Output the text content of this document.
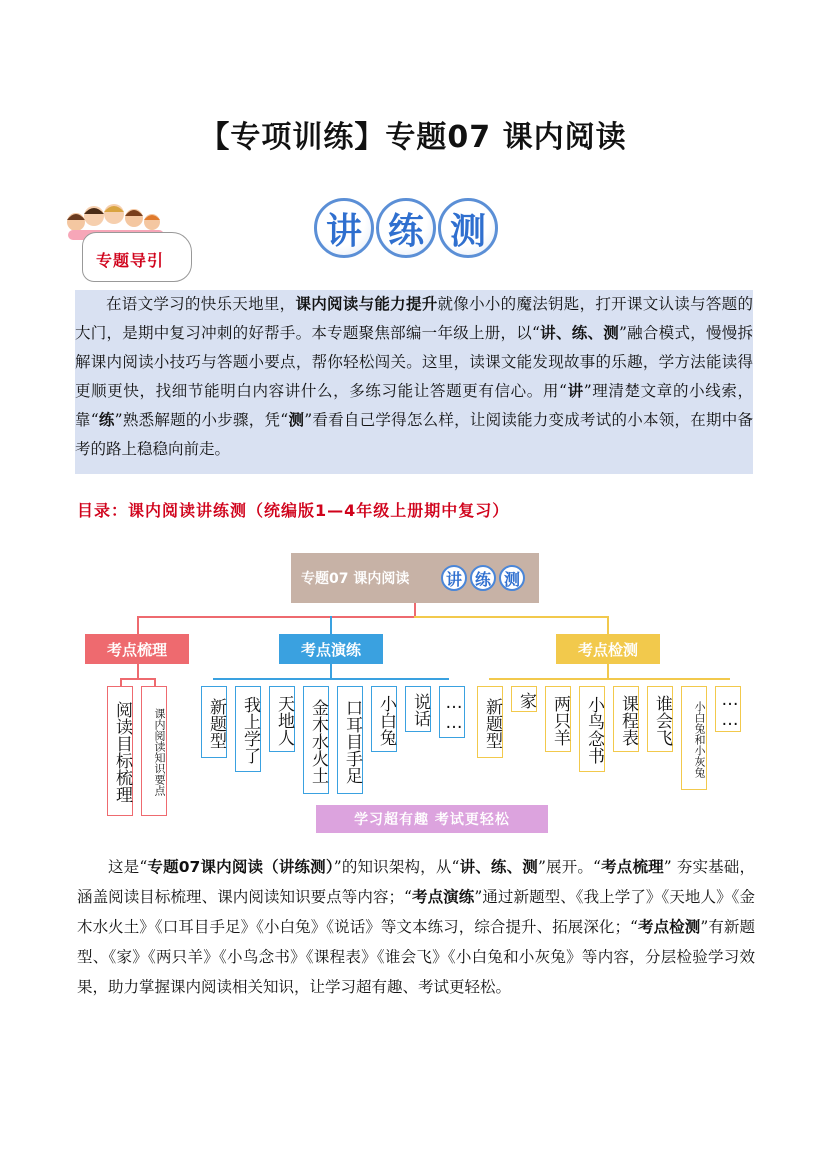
【专项训练】专题07 课内阅读
专题导引
讲 练 测

在语文学习的快乐天地里，课内阅读与能力提升就像小小的魔法钥匙，打开课文认读与答题的大门，是期中复习冲刺的好帮手。本专题聚焦部编一年级上册，以“讲、练、测”融合模式，慢慢拆解课内阅读小技巧与答题小要点，帮你轻松闯关。这里，读课文能发现故事的乐趣，学方法能读得更顺更快，找细节能明白内容讲什么，多练习能让答题更有信心。用“讲”理清楚文章的小线索，靠“练”熟悉解题的小步骤，凭“测”看看自己学得怎么样，让阅读能力变成考试的小本领，在期中备考的路上稳稳向前走。

目录：课内阅读讲练测（统编版1—4年级上册期中复习）
专题07 课内阅读	讲 练 测
考点梳理	考点演练	考点检测
阅读目标梳理	课内阅读知识要点 新题型 我上学了 天地人 金木水火土 口耳目手足 小白兔 说话 …… 新题型 家 两只羊 小鸟念书 课程表 谁会飞	小白兔和小灰兔 ……
学习超有趣 考试更轻松

这是“专题07课内阅读（讲练测）”的知识架构，从“讲、练、测”展开。“考点梳理” 夯实基础，涵盖阅读目标梳理、课内阅读知识要点等内容；“考点演练”通过新题型、《我上学了》《天地人》《金木水火土》《口耳目手足》《小白兔》《说话》等文本练习，综合提升、拓展深化；“考点检测”有新题型、《家》《两只羊》《小鸟念书》《课程表》《谁会飞》《小白兔和小灰兔》等内容，分层检验学习效果，助力掌握课内阅读相关知识，让学习超有趣、考试更轻松。
